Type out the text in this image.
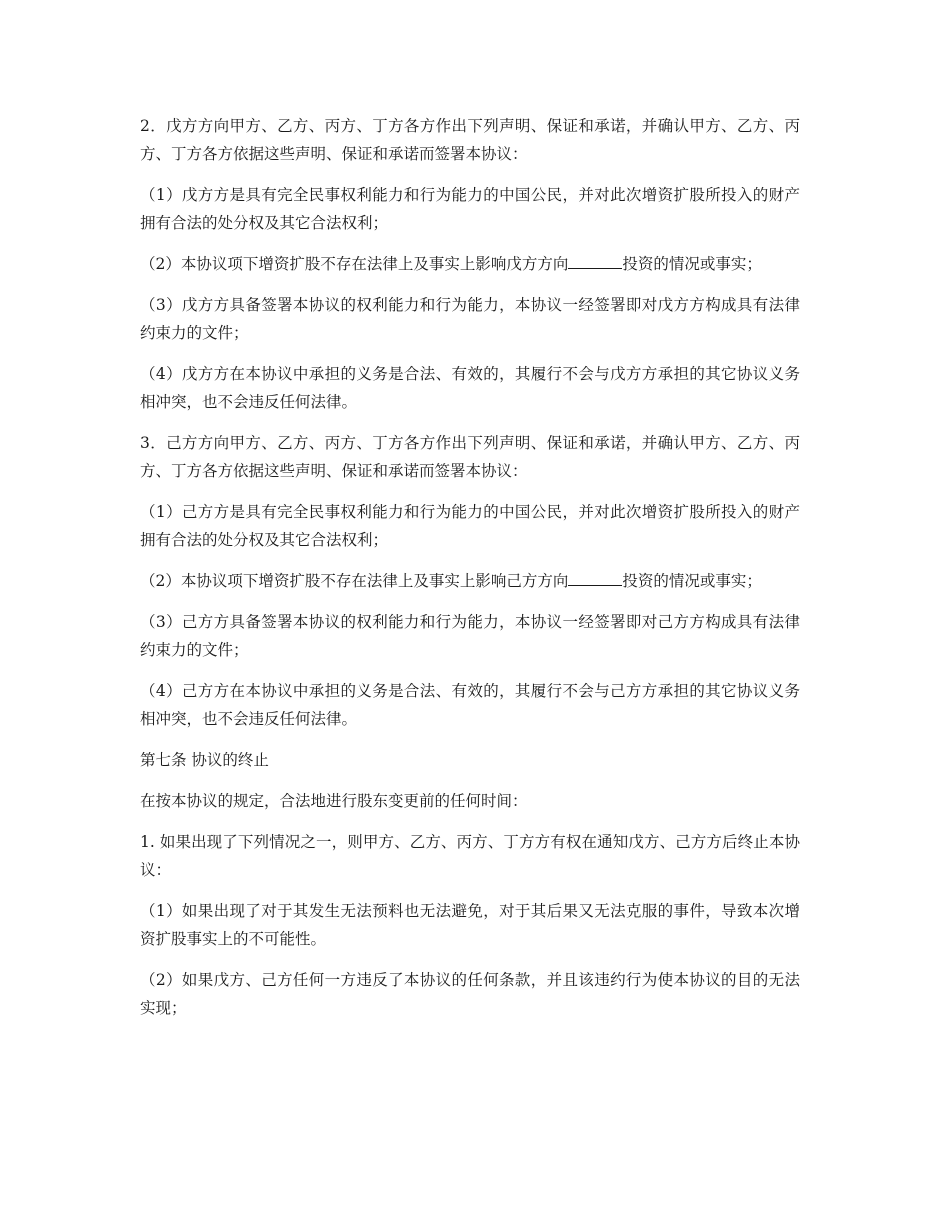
2．戊方方向甲方、乙方、丙方、丁方各方作出下列声明、保证和承诺，并确认甲方、乙方、丙方、丁方各方依据这些声明、保证和承诺而签署本协议：

（1）戊方方是具有完全民事权利能力和行为能力的中国公民，并对此次增资扩股所投入的财产拥有合法的处分权及其它合法权利；

（2）本协议项下增资扩股不存在法律上及事实上影响戊方方向	投资的情况或事实；

（3）戊方方具备签署本协议的权利能力和行为能力，本协议一经签署即对戊方方构成具有法律约束力的文件；

（4）戊方方在本协议中承担的义务是合法、有效的，其履行不会与戊方方承担的其它协议义务相冲突，也不会违反任何法律。

3．己方方向甲方、乙方、丙方、丁方各方作出下列声明、保证和承诺，并确认甲方、乙方、丙方、丁方各方依据这些声明、保证和承诺而签署本协议：

（1）己方方是具有完全民事权利能力和行为能力的中国公民，并对此次增资扩股所投入的财产拥有合法的处分权及其它合法权利；

（2）本协议项下增资扩股不存在法律上及事实上影响己方方向	投资的情况或事实；

（3）己方方具备签署本协议的权利能力和行为能力，本协议一经签署即对己方方构成具有法律约束力的文件；

（4）己方方在本协议中承担的义务是合法、有效的，其履行不会与己方方承担的其它协议义务相冲突，也不会违反任何法律。

第七条 协议的终止

在按本协议的规定，合法地进行股东变更前的任何时间：

1. 如果出现了下列情况之一，则甲方、乙方、丙方、丁方方有权在通知戊方、己方方后终止本协议：

（1）如果出现了对于其发生无法预料也无法避免，对于其后果又无法克服的事件，导致本次增资扩股事实上的不可能性。

（2）如果戊方、己方任何一方违反了本协议的任何条款，并且该违约行为使本协议的目的无法实现；
